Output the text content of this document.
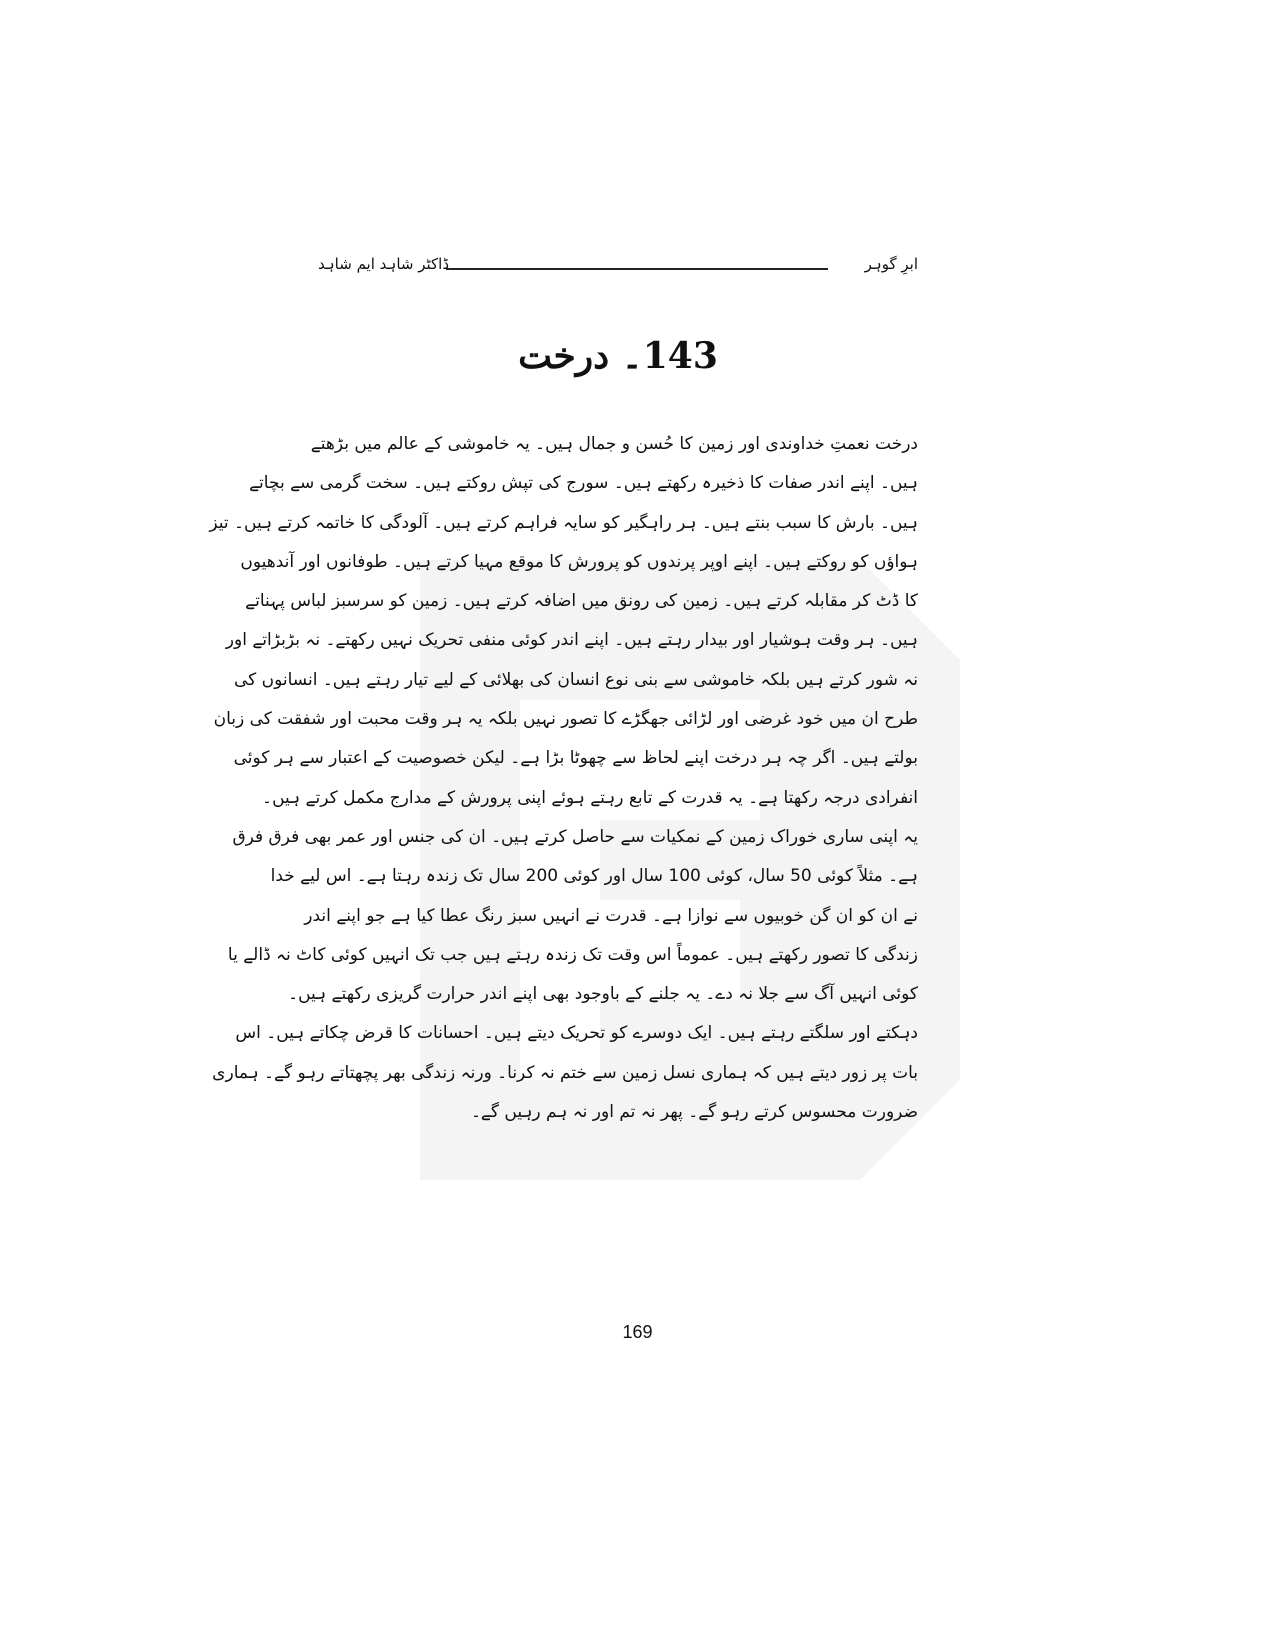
ابرِ گوہر
ڈاکٹر شاہد ایم شاہد
143۔ درخت
درخت نعمتِ خداوندی اور زمین کا حُسن و جمال ہیں۔ یہ خاموشی کے عالم میں بڑھتے
ہیں۔ اپنے اندر صفات کا ذخیرہ رکھتے ہیں۔ سورج کی تپش روکتے ہیں۔ سخت گرمی سے بچاتے
ہیں۔ بارش کا سبب بنتے ہیں۔ ہر راہگیر کو سایہ فراہم کرتے ہیں۔ آلودگی کا خاتمہ کرتے ہیں۔ تیز
ہواؤں کو روکتے ہیں۔ اپنے اوپر پرندوں کو پرورش کا موقع مہیا کرتے ہیں۔ طوفانوں اور آندھیوں
کا ڈٹ کر مقابلہ کرتے ہیں۔ زمین کی رونق میں اضافہ کرتے ہیں۔ زمین کو سرسبز لباس پہناتے
ہیں۔ ہر وقت ہوشیار اور بیدار رہتے ہیں۔ اپنے اندر کوئی منفی تحریک نہیں رکھتے۔ نہ بڑبڑاتے اور
نہ شور کرتے ہیں بلکہ خاموشی سے بنی نوع انسان کی بھلائی کے لیے تیار رہتے ہیں۔ انسانوں کی
طرح ان میں خود غرضی اور لڑائی جھگڑے کا تصور نہیں بلکہ یہ ہر وقت محبت اور شفقت کی زبان
بولتے ہیں۔ اگر چہ ہر درخت اپنے لحاظ سے چھوٹا بڑا ہے۔ لیکن خصوصیت کے اعتبار سے ہر کوئی
انفرادی درجہ رکھتا ہے۔ یہ قدرت کے تابع رہتے ہوئے اپنی پرورش کے مدارج مکمل کرتے ہیں۔
یہ اپنی ساری خوراک زمین کے نمکیات سے حاصل کرتے ہیں۔ ان کی جنس اور عمر بھی فرق فرق
ہے۔ مثلاً کوئی 50 سال، کوئی 100 سال اور کوئی 200 سال تک زندہ رہتا ہے۔ اس لیے خدا
نے ان کو ان گن خوبیوں سے نوازا ہے۔ قدرت نے انہیں سبز رنگ عطا کیا ہے جو اپنے اندر
زندگی کا تصور رکھتے ہیں۔ عموماً اس وقت تک زندہ رہتے ہیں جب تک انہیں کوئی کاٹ نہ ڈالے یا
کوئی انہیں آگ سے جلا نہ دے۔ یہ جلنے کے باوجود بھی اپنے اندر حرارت گریزی رکھتے ہیں۔
دہکتے اور سلگتے رہتے ہیں۔ ایک دوسرے کو تحریک دیتے ہیں۔ احسانات کا قرض چکاتے ہیں۔ اس
بات پر زور دیتے ہیں کہ ہماری نسل زمین سے ختم نہ کرنا۔ ورنہ زندگی بھر پچھتاتے رہو گے۔ ہماری
ضرورت محسوس کرتے رہو گے۔ پھر نہ تم اور نہ ہم رہیں گے۔
169
